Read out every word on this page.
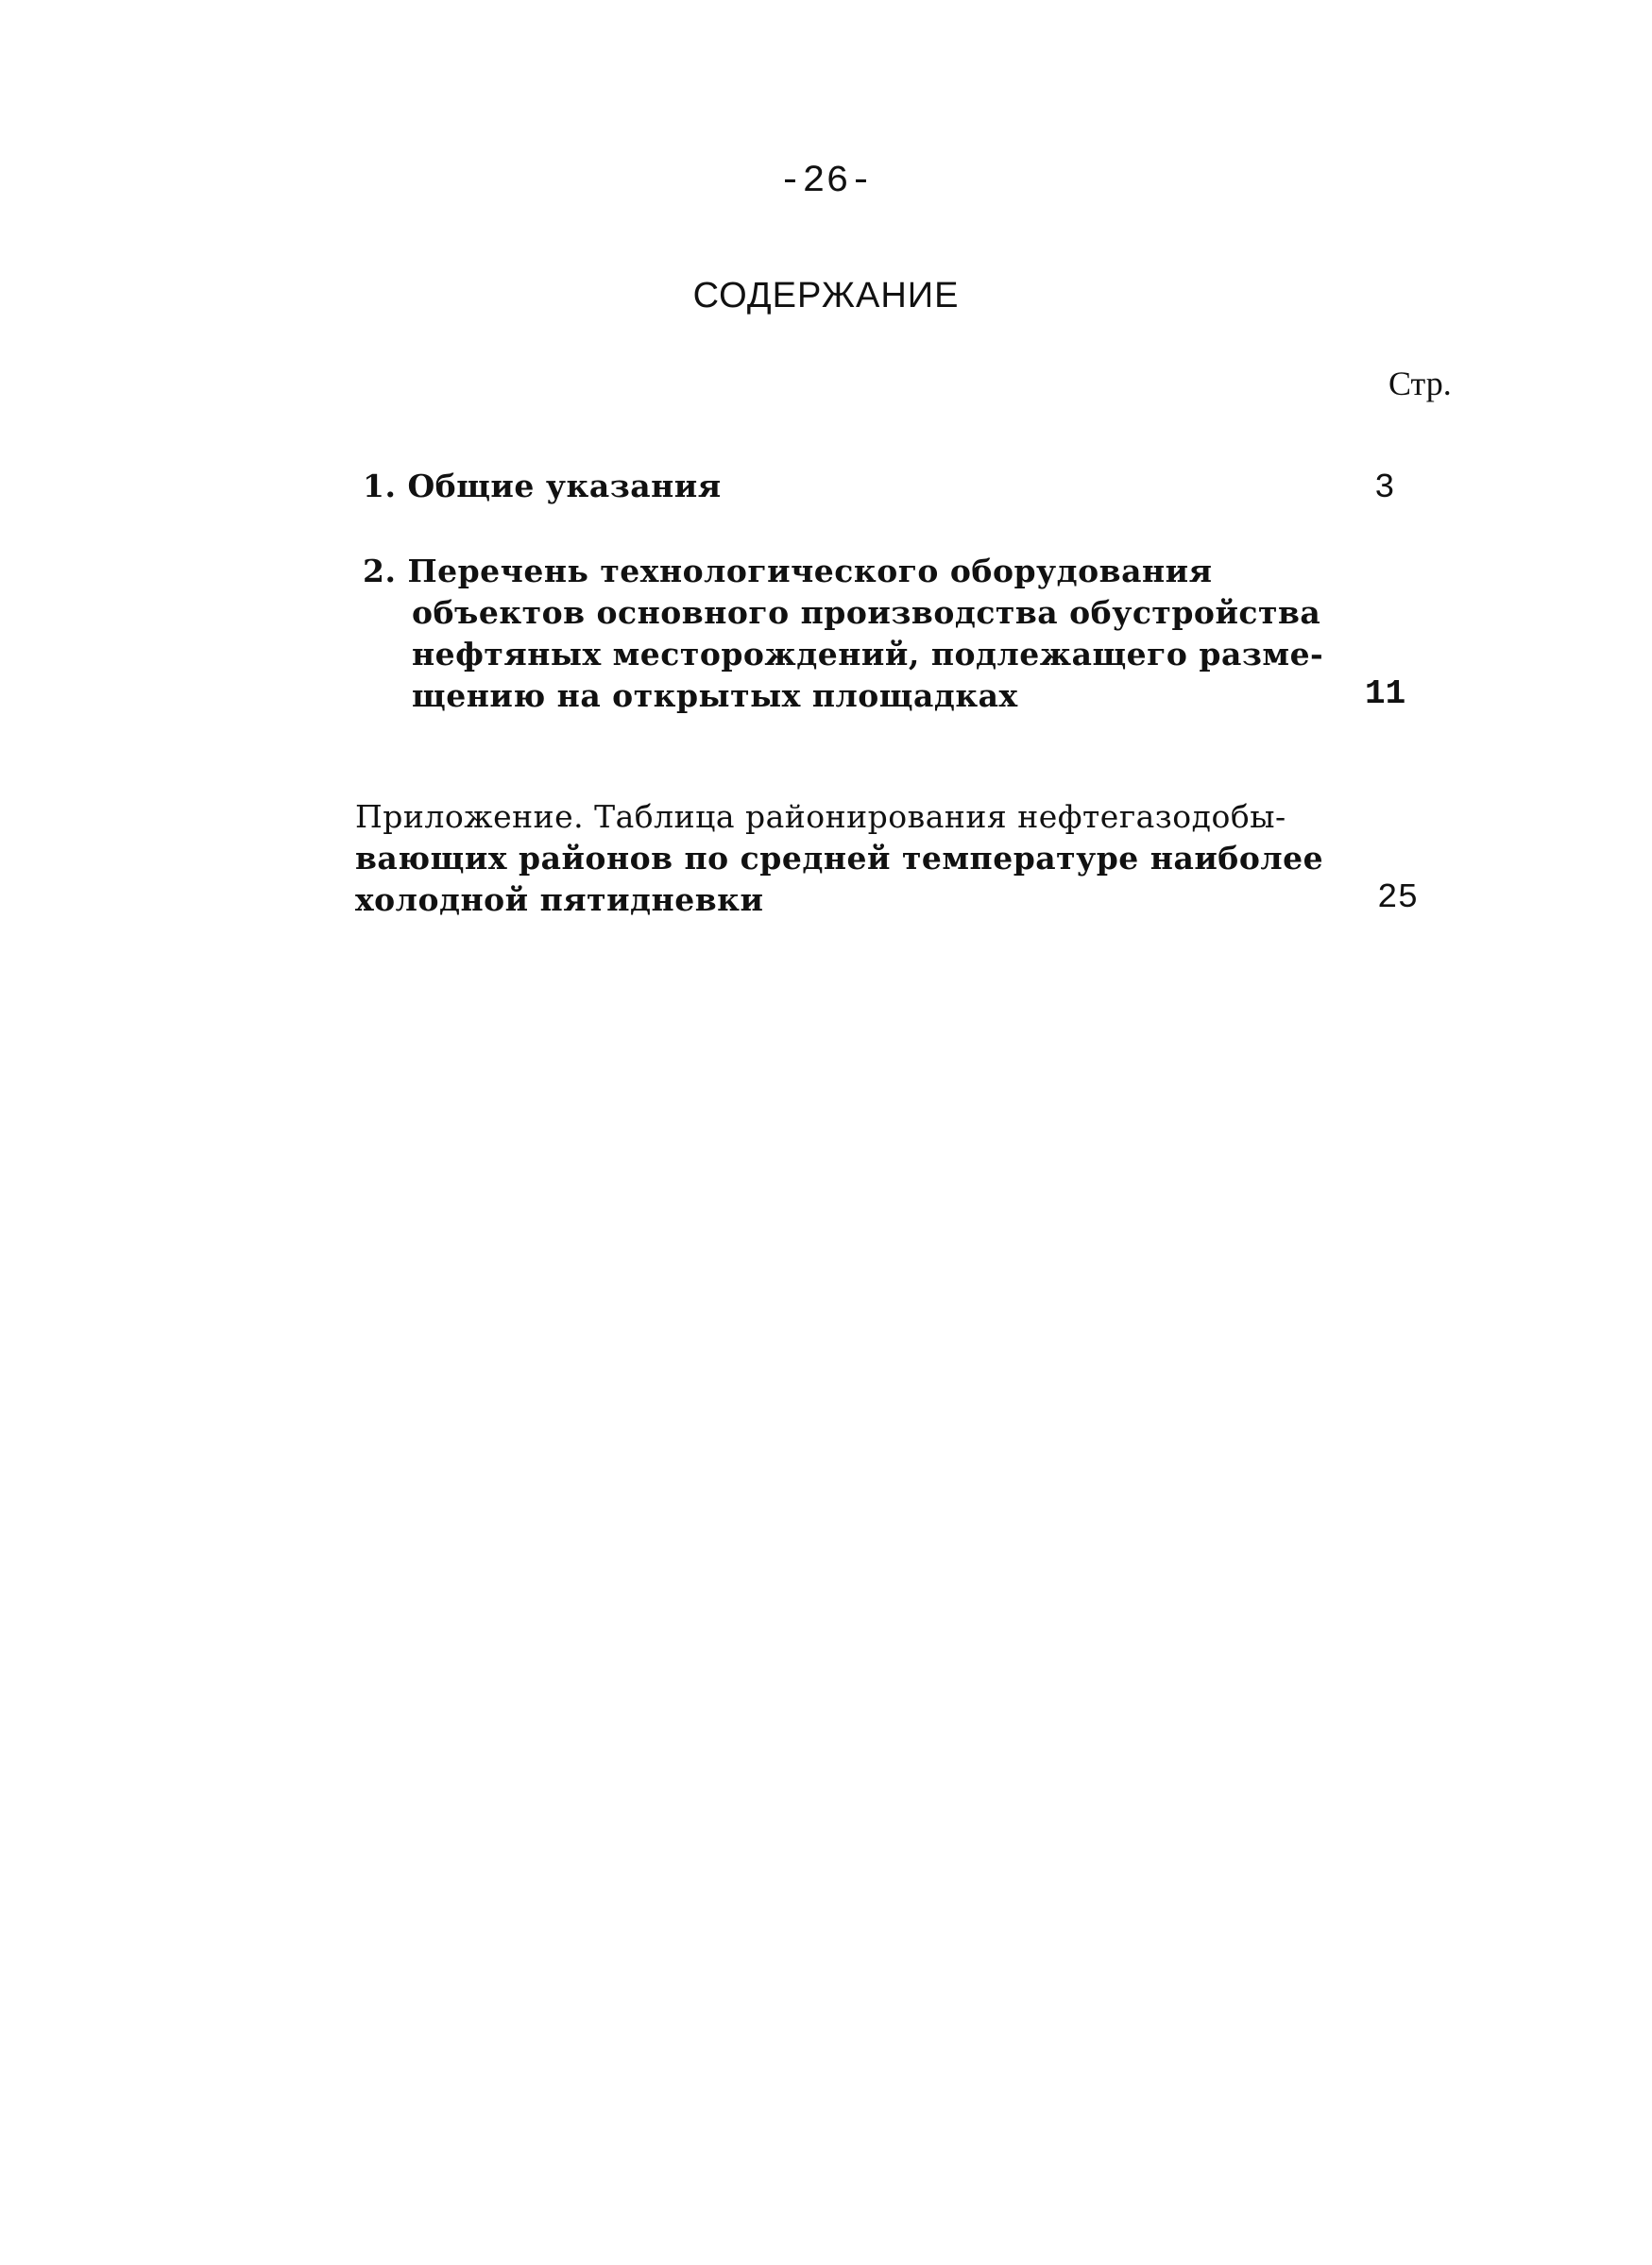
-26-
СОДЕРЖАНИЕ
Стр.
1. Общие указания	3
2. Перечень технологического оборудования
объектов основного производства обустройства
нефтяных месторождений, подлежащего разме-
щению на открытых площадках	11
Приложение. Таблица районирования нефтегазодобы-
вающих районов по средней температуре наиболее
холодной пятидневки	25
